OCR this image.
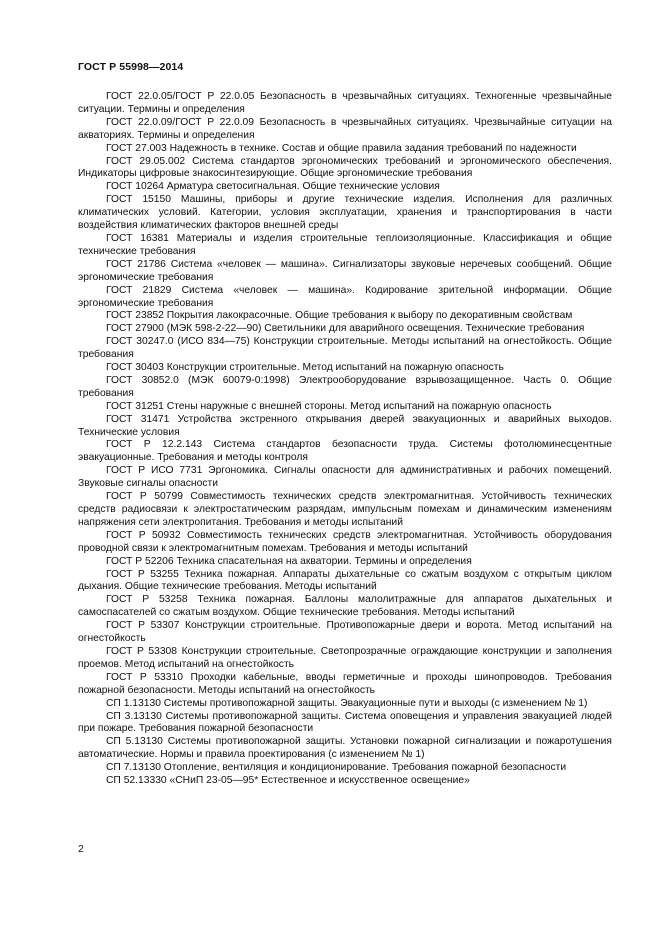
ГОСТ Р 55998—2014

ГОСТ 22.0.05/ГОСТ Р 22.0.05 Безопасность в чрезвычайных ситуациях. Техногенные чрезвычайные ситуации. Термины и определения

ГОСТ 22.0.09/ГОСТ Р 22.0.09 Безопасность в чрезвычайных ситуациях. Чрезвычайные ситуации на акваториях. Термины и определения

ГОСТ 27.003 Надежность в технике. Состав и общие правила задания требований по надежности

ГОСТ 29.05.002 Система стандартов эргономических требований и эргономического обеспечения. Индикаторы цифровые знакосинтезирующие. Общие эргономические требования

ГОСТ 10264 Арматура светосигнальная. Общие технические условия

ГОСТ 15150 Машины, приборы и другие технические изделия. Исполнения для различных климатических условий. Категории, условия эксплуатации, хранения и транспортирования в части воздействия климатических факторов внешней среды

ГОСТ 16381 Материалы и изделия строительные теплоизоляционные. Классификация и общие технические требования

ГОСТ 21786 Система «человек — машина». Сигнализаторы звуковые неречевых сообщений. Общие эргономические требования

ГОСТ 21829 Система «человек — машина». Кодирование зрительной информации. Общие эргономические требования

ГОСТ 23852 Покрытия лакокрасочные. Общие требования к выбору по декоративным свойствам

ГОСТ 27900 (МЭК 598-2-22—90) Светильники для аварийного освещения. Технические требования

ГОСТ 30247.0 (ИСО 834—75) Конструкции строительные. Методы испытаний на огнестойкость. Общие требования

ГОСТ 30403 Конструкции строительные. Метод испытаний на пожарную опасность

ГОСТ 30852.0 (МЭК 60079-0:1998) Электрооборудование взрывозащищенное. Часть 0. Общие требования

ГОСТ 31251 Стены наружные с внешней стороны. Метод испытаний на пожарную опасность

ГОСТ 31471 Устройства экстренного открывания дверей эвакуационных и аварийных выходов. Технические условия

ГОСТ Р 12.2.143 Система стандартов безопасности труда. Системы фотолюминесцентные эвакуационные. Требования и методы контроля

ГОСТ Р ИСО 7731 Эргономика. Сигналы опасности для административных и рабочих помещений. Звуковые сигналы опасности

ГОСТ Р 50799 Совместимость технических средств электромагнитная. Устойчивость технических средств радиосвязи к электростатическим разрядам, импульсным помехам и динамическим изменениям напряжения сети электропитания. Требования и методы испытаний

ГОСТ Р 50932 Совместимость технических средств электромагнитная. Устойчивость оборудования проводной связи к электромагнитным помехам. Требования и методы испытаний

ГОСТ Р 52206 Техника спасательная на акватории. Термины и определения

ГОСТ Р 53255 Техника пожарная. Аппараты дыхательные со сжатым воздухом с открытым циклом дыхания. Общие технические требования. Методы испытаний

ГОСТ Р 53258 Техника пожарная. Баллоны малолитражные для аппаратов дыхательных и самоспасателей со сжатым воздухом. Общие технические требования. Методы испытаний

ГОСТ Р 53307 Конструкции строительные. Противопожарные двери и ворота. Метод испытаний на огнестойкость

ГОСТ Р 53308 Конструкции строительные. Светопрозрачные ограждающие конструкции и заполнения проемов. Метод испытаний на огнестойкость

ГОСТ Р 53310 Проходки кабельные, вводы герметичные и проходы шинопроводов. Требования пожарной безопасности. Методы испытаний на огнестойкость

СП 1.13130 Системы противопожарной защиты. Эвакуационные пути и выходы (с изменением № 1)

СП 3.13130 Системы противопожарной защиты. Система оповещения и управления эвакуацией людей при пожаре. Требования пожарной безопасности

СП 5.13130 Системы противопожарной защиты. Установки пожарной сигнализации и пожаротушения автоматические. Нормы и правила проектирования (с изменением № 1)

СП 7.13130 Отопление, вентиляция и кондиционирование. Требования пожарной безопасности

СП 52.13330 «СНиП 23-05—95* Естественное и искусственное освещение»

2
